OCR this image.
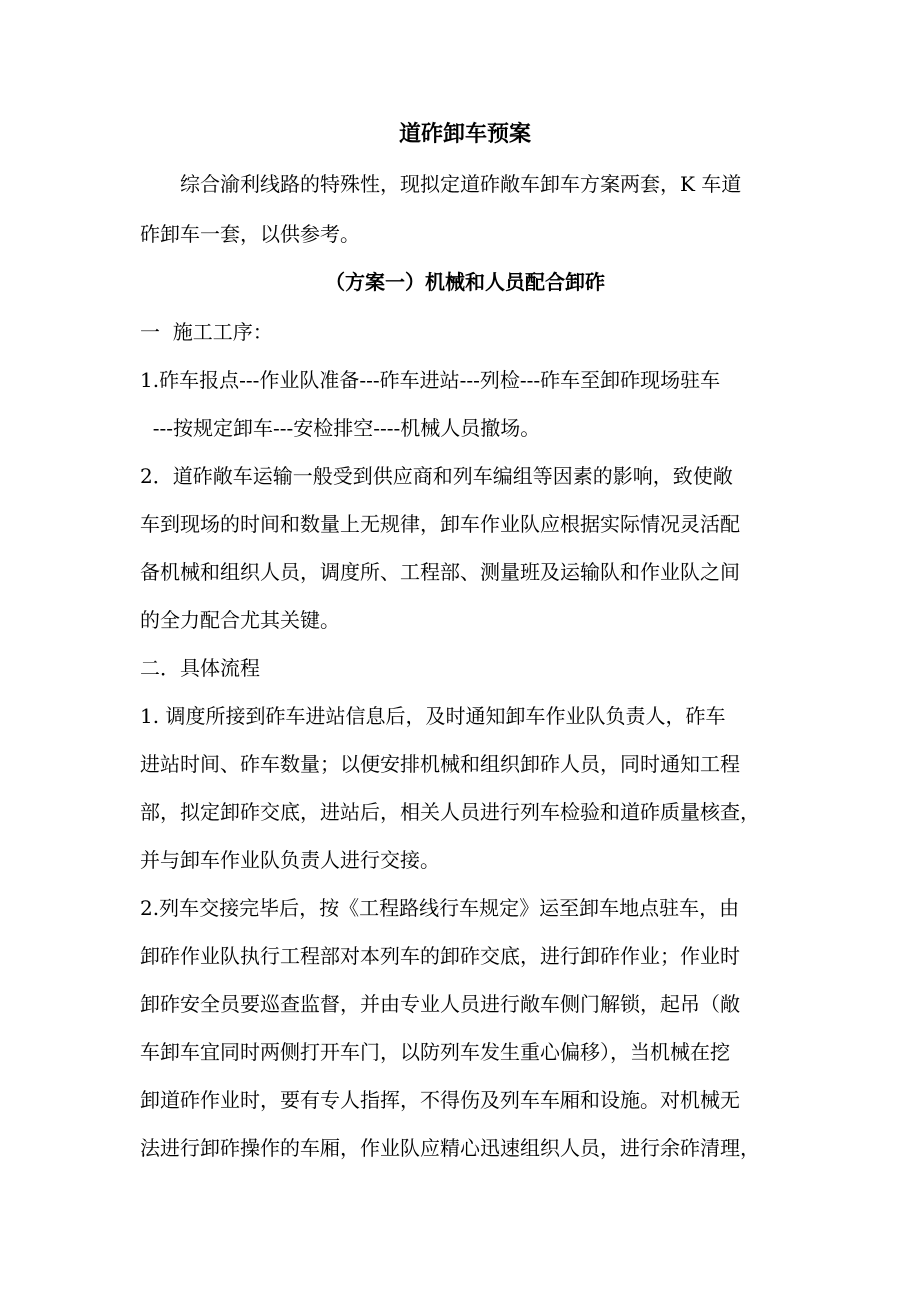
道砟卸车预案
综合渝利线路的特殊性，现拟定道砟敞车卸车方案两套，K 车道
砟卸车一套，以供参考。
（方案一）机械和人员配合卸砟
一  施工工序：
1.砟车报点---作业队准备---砟车进站---列检---砟车至卸砟现场驻车
---按规定卸车---安检排空----机械人员撤场。
2．道砟敞车运输一般受到供应商和列车编组等因素的影响，致使敞
车到现场的时间和数量上无规律，卸车作业队应根据实际情况灵活配
备机械和组织人员，调度所、工程部、测量班及运输队和作业队之间
的全力配合尤其关键。
二．具体流程
1. 调度所接到砟车进站信息后，及时通知卸车作业队负责人，砟车
进站时间、砟车数量；以便安排机械和组织卸砟人员，同时通知工程
部，拟定卸砟交底，进站后，相关人员进行列车检验和道砟质量核查，
并与卸车作业队负责人进行交接。
2.列车交接完毕后，按《工程路线行车规定》运至卸车地点驻车，由
卸砟作业队执行工程部对本列车的卸砟交底，进行卸砟作业；作业时
卸砟安全员要巡查监督，并由专业人员进行敞车侧门解锁，起吊（敞
车卸车宜同时两侧打开车门，以防列车发生重心偏移），当机械在挖
卸道砟作业时，要有专人指挥，不得伤及列车车厢和设施。对机械无
法进行卸砟操作的车厢，作业队应精心迅速组织人员，进行余砟清理，
